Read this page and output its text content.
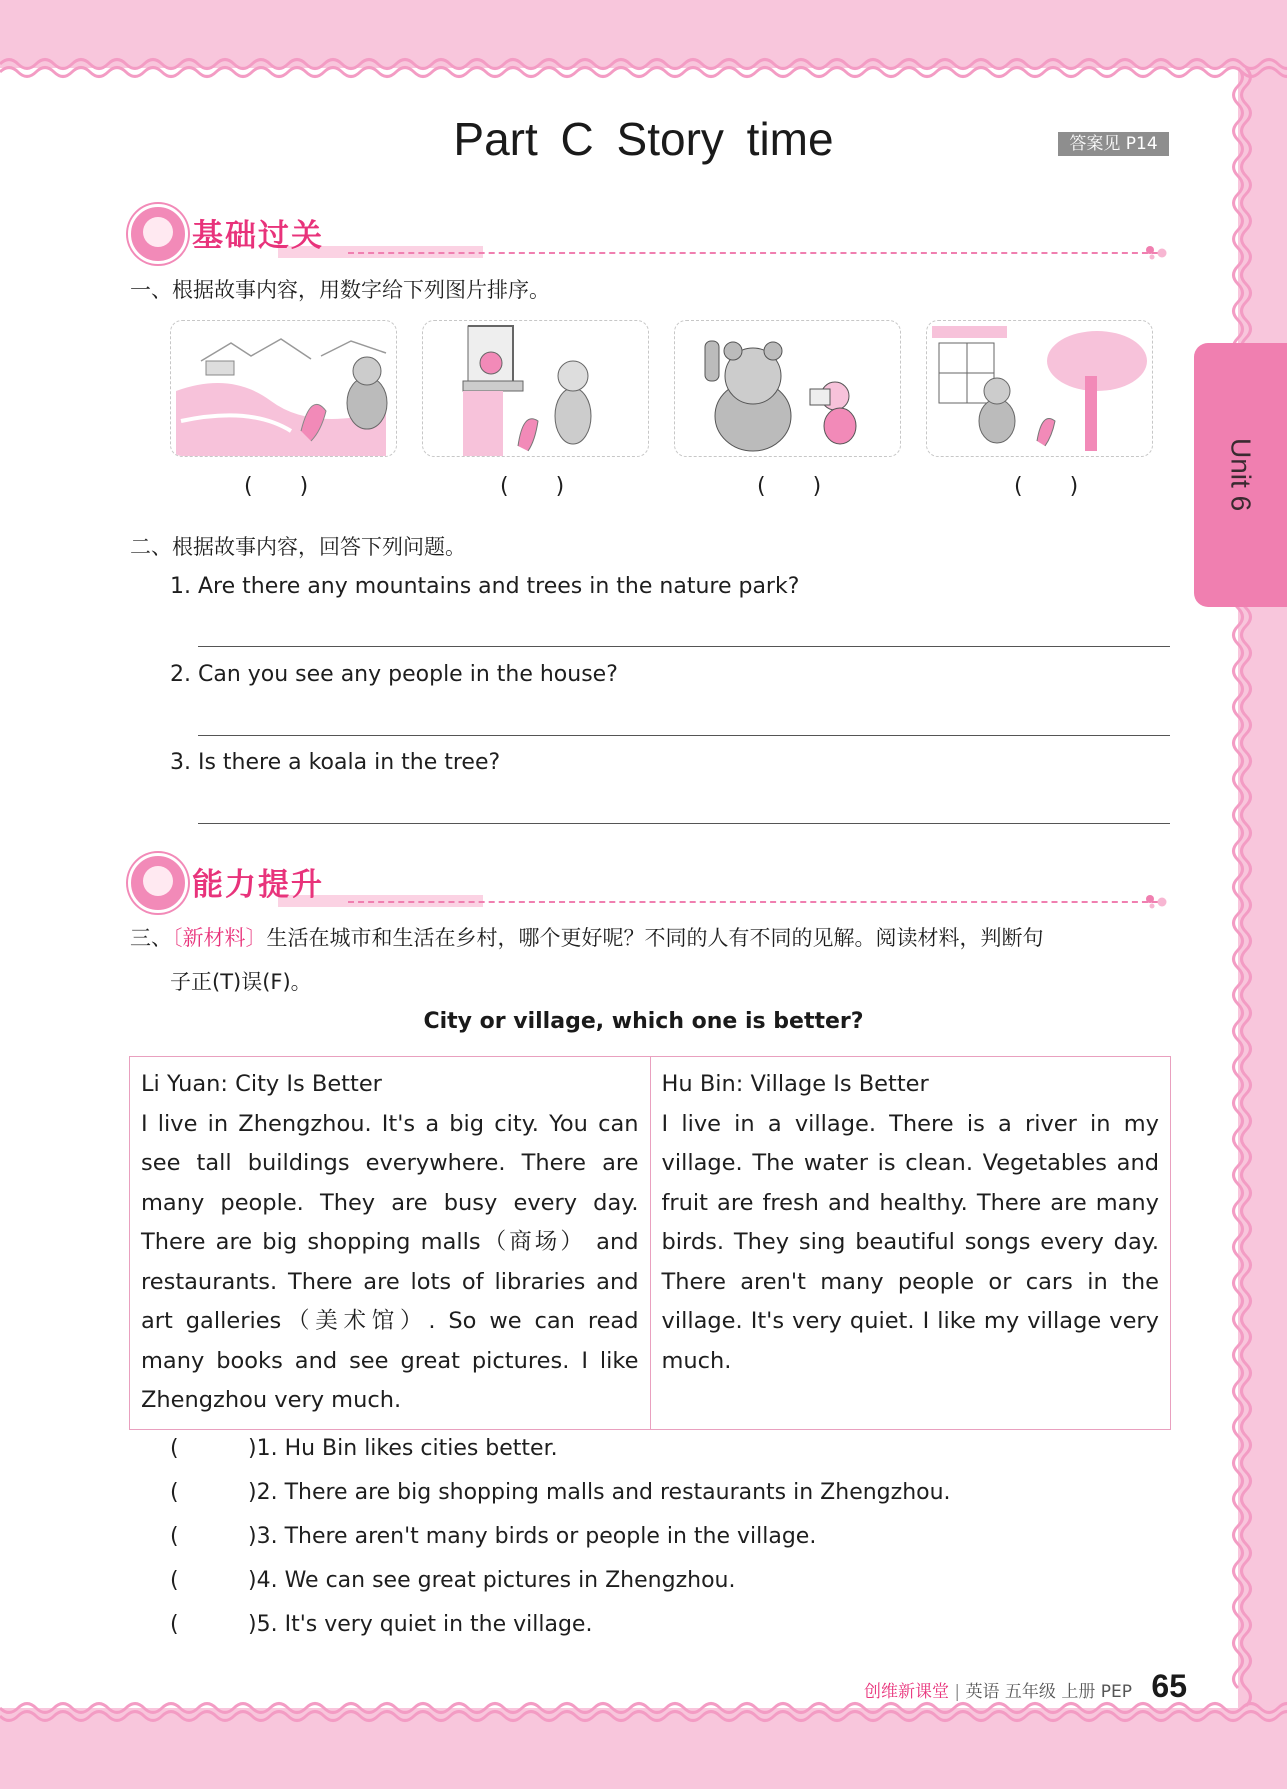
Part C Story time	答案见 P14
Unit 6
基础过关
一、根据故事内容，用数字给下列图片排序。
( )	( )	( )	( )
二、根据故事内容，回答下列问题。
1. Are there any mountains and trees in the nature park?
2. Can you see any people in the house?
3. Is there a koala in the tree?
能力提升
三、〔新材料〕生活在城市和生活在乡村，哪个更好呢？不同的人有不同的见解。阅读材料，判断句
子正(T)误(F)。
City or village, which one is better?
Li Yuan: City Is Better
I live in Zhengzhou. It's a big city. You can see tall buildings everywhere. There are many people. They are busy every day. There are big shopping malls（商场） and restaurants. There are lots of libraries and art galleries（美术馆）. So we can read many books and see great pictures. I like Zhengzhou very much.

Hu Bin: Village Is Better
I live in a village. There is a river in my village. The water is clean. Vegetables and fruit are fresh and healthy. There are many birds. They sing beautiful songs every day. There aren't many people or cars in the village. It's very quiet. I like my village very much.
(	)1. Hu Bin likes cities better.
(	)2. There are big shopping malls and restaurants in Zhengzhou.
(	)3. There aren't many birds or people in the village.
(	)4. We can see great pictures in Zhengzhou.
(	)5. It's very quiet in the village.
创维新课堂 | 英语 五年级 上册 PEP 65
